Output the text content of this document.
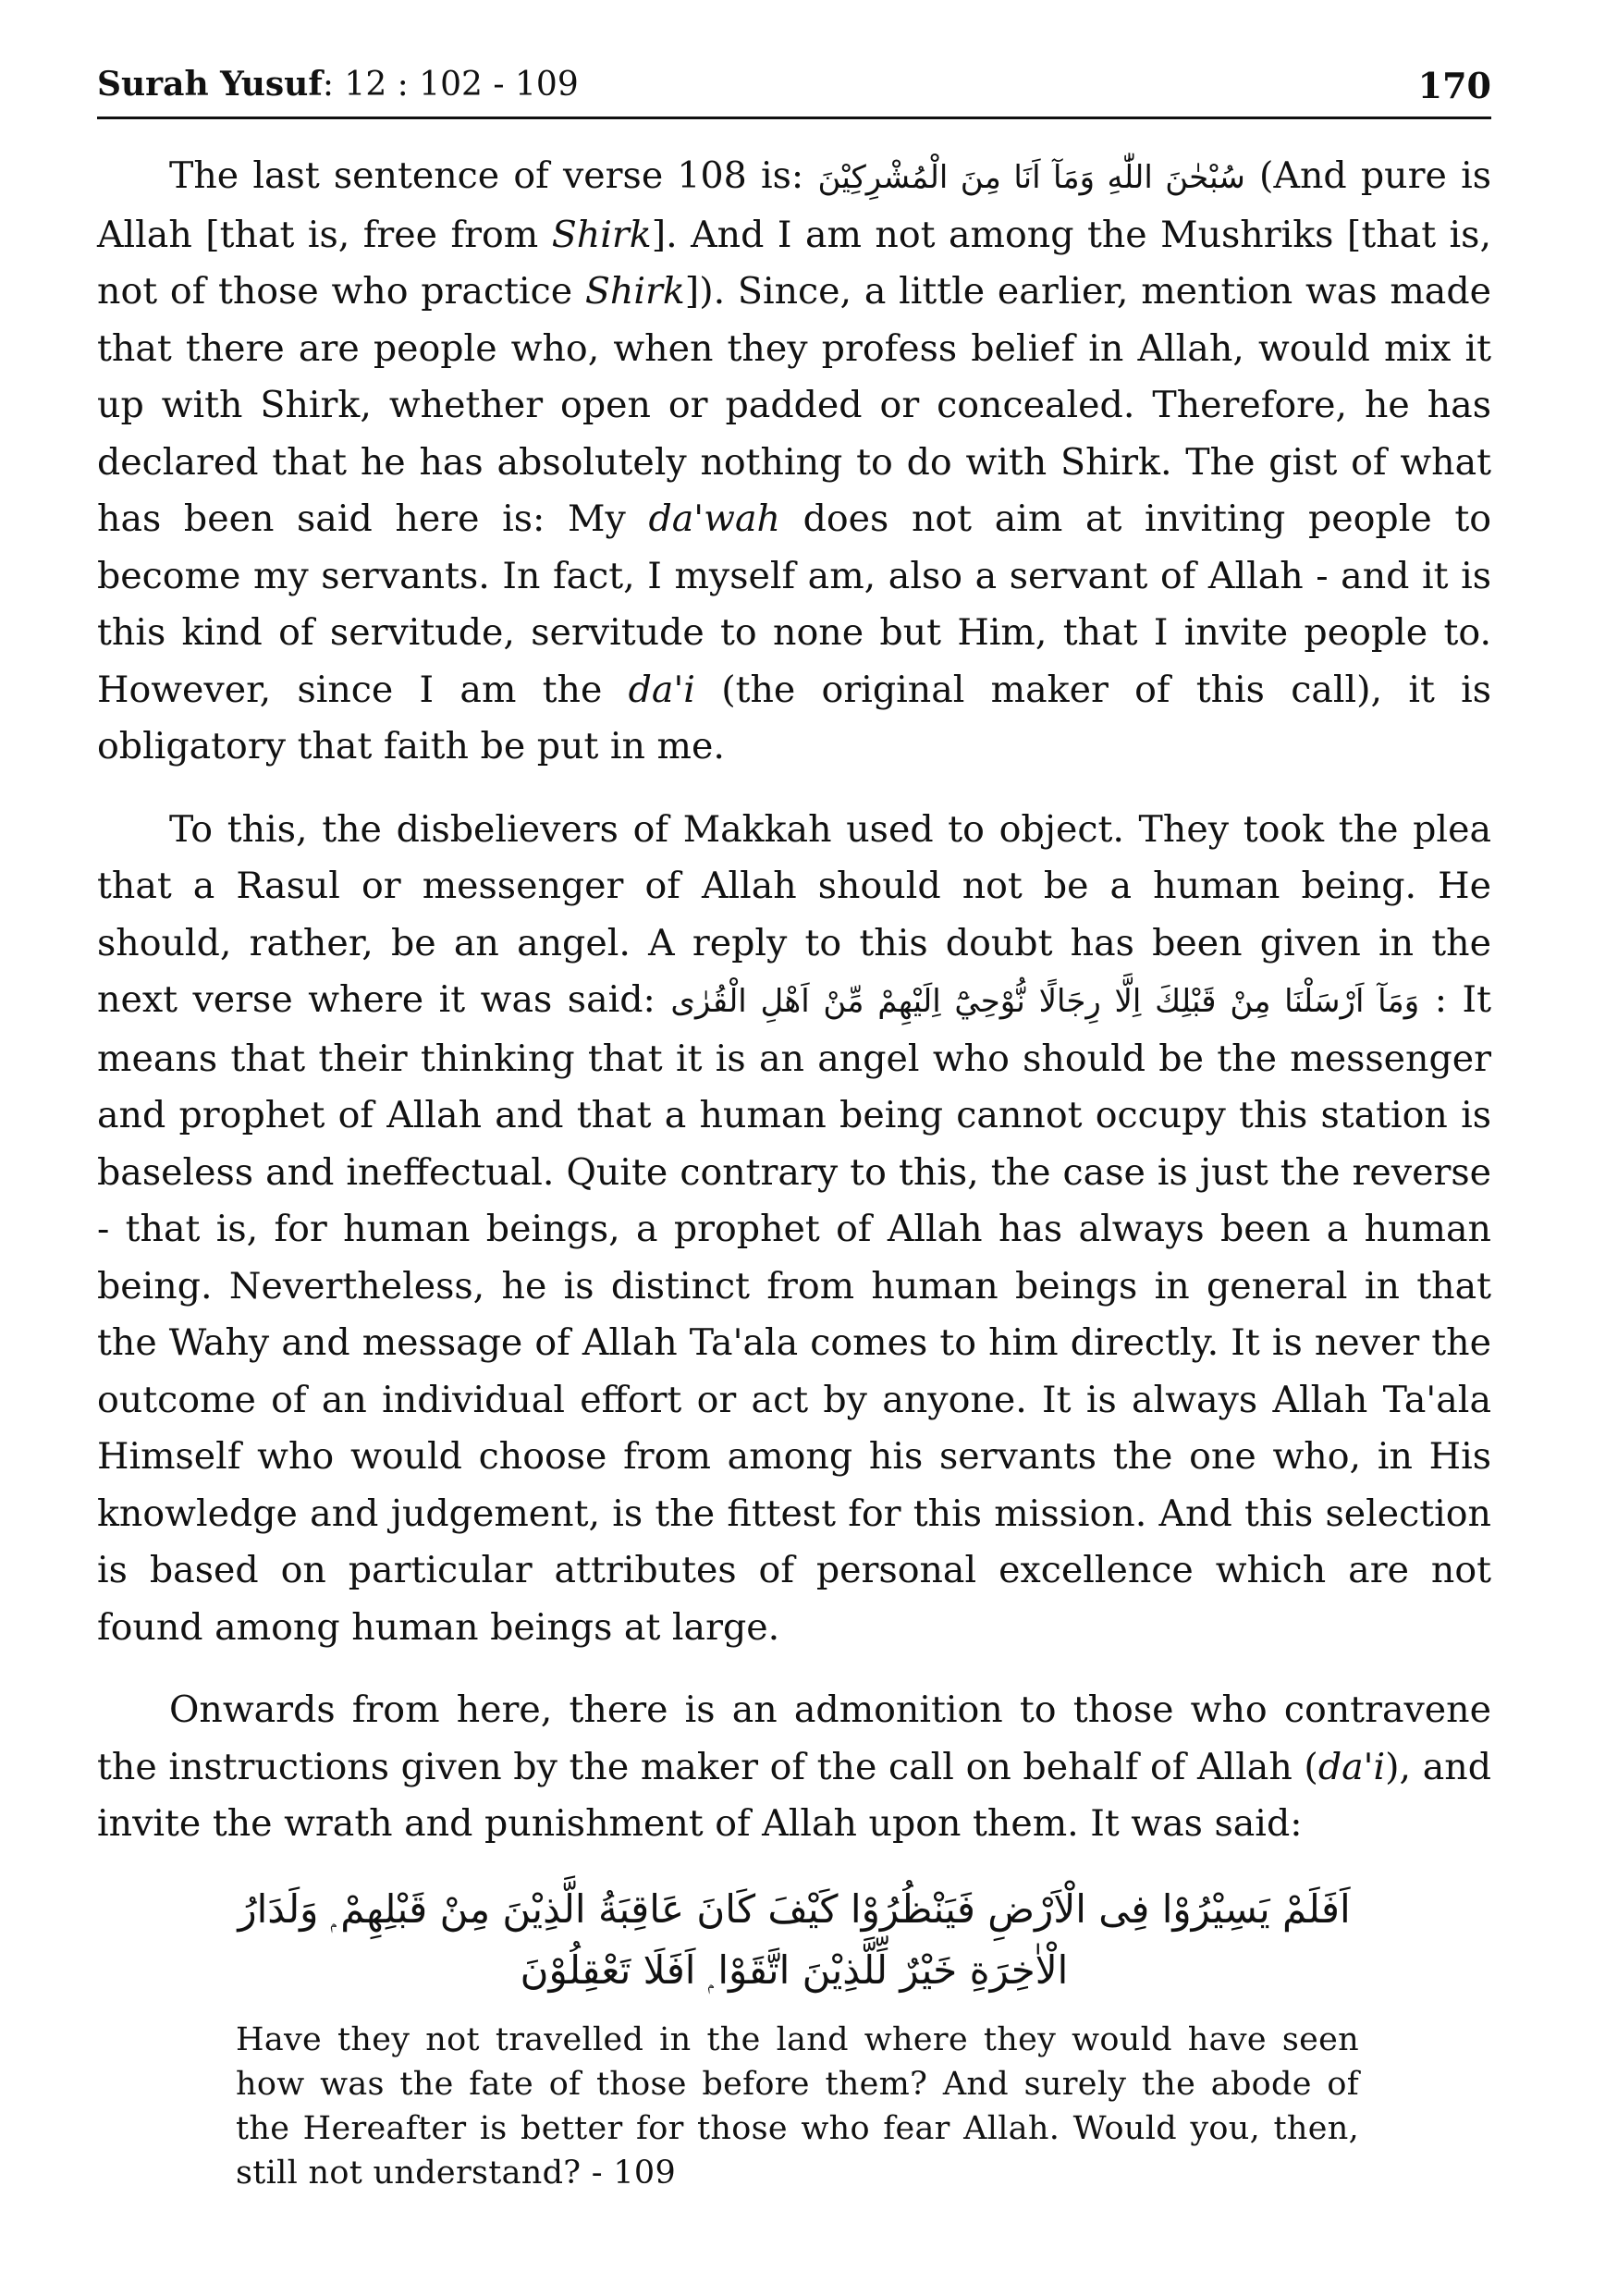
Surah Yusuf: 12 : 102 - 109	170

The last sentence of verse 108 is: سُبْحٰنَ اللّٰهِ وَمَآ اَنَا مِنَ الْمُشْرِكِيْنَ (And pure is Allah [that is, free from Shirk]. And I am not among the Mushriks [that is, not of those who practice Shirk]). Since, a little earlier, mention was made that there are people who, when they profess belief in Allah, would mix it up with Shirk, whether open or padded or concealed. Therefore, he has declared that he has absolutely nothing to do with Shirk. The gist of what has been said here is: My da'wah does not aim at inviting people to become my servants. In fact, I myself am, also a servant of Allah - and it is this kind of servitude, servitude to none but Him, that I invite people to. However, since I am the da'i (the original maker of this call), it is obligatory that faith be put in me.

To this, the disbelievers of Makkah used to object. They took the plea that a Rasul or messenger of Allah should not be a human being. He should, rather, be an angel. A reply to this doubt has been given in the next verse where it was said: وَمَآ اَرْسَلْنَا مِنْ قَبْلِكَ اِلَّا رِجَالًا نُّوْحِيْٓ اِلَيْهِمْ مِّنْ اَهْلِ الْقُرٰى : It means that their thinking that it is an angel who should be the messenger and prophet of Allah and that a human being cannot occupy this station is baseless and ineffectual. Quite contrary to this, the case is just the reverse - that is, for human beings, a prophet of Allah has always been a human being. Nevertheless, he is distinct from human beings in general in that the Wahy and message of Allah Ta'ala comes to him directly. It is never the outcome of an individual effort or act by anyone. It is always Allah Ta'ala Himself who would choose from among his servants the one who, in His knowledge and judgement, is the fittest for this mission. And this selection is based on particular attributes of personal excellence which are not found among human beings at large.

Onwards from here, there is an admonition to those who contravene the instructions given by the maker of the call on behalf of Allah (da'i), and invite the wrath and punishment of Allah upon them. It was said:

اَفَلَمْ يَسِيْرُوْا فِى الْاَرْضِ فَيَنْظُرُوْا كَيْفَ كَانَ عَاقِبَةُ الَّذِيْنَ مِنْ قَبْلِهِمْ ۭ وَلَدَارُ الْاٰخِرَةِ خَيْرٌ لِّلَّذِيْنَ اتَّقَوْا ۭ اَفَلَا تَعْقِلُوْنَ
Have they not travelled in the land where they would have seen how was the fate of those before them? And surely the abode of the Hereafter is better for those who fear Allah. Would you, then, still not understand? - 109
